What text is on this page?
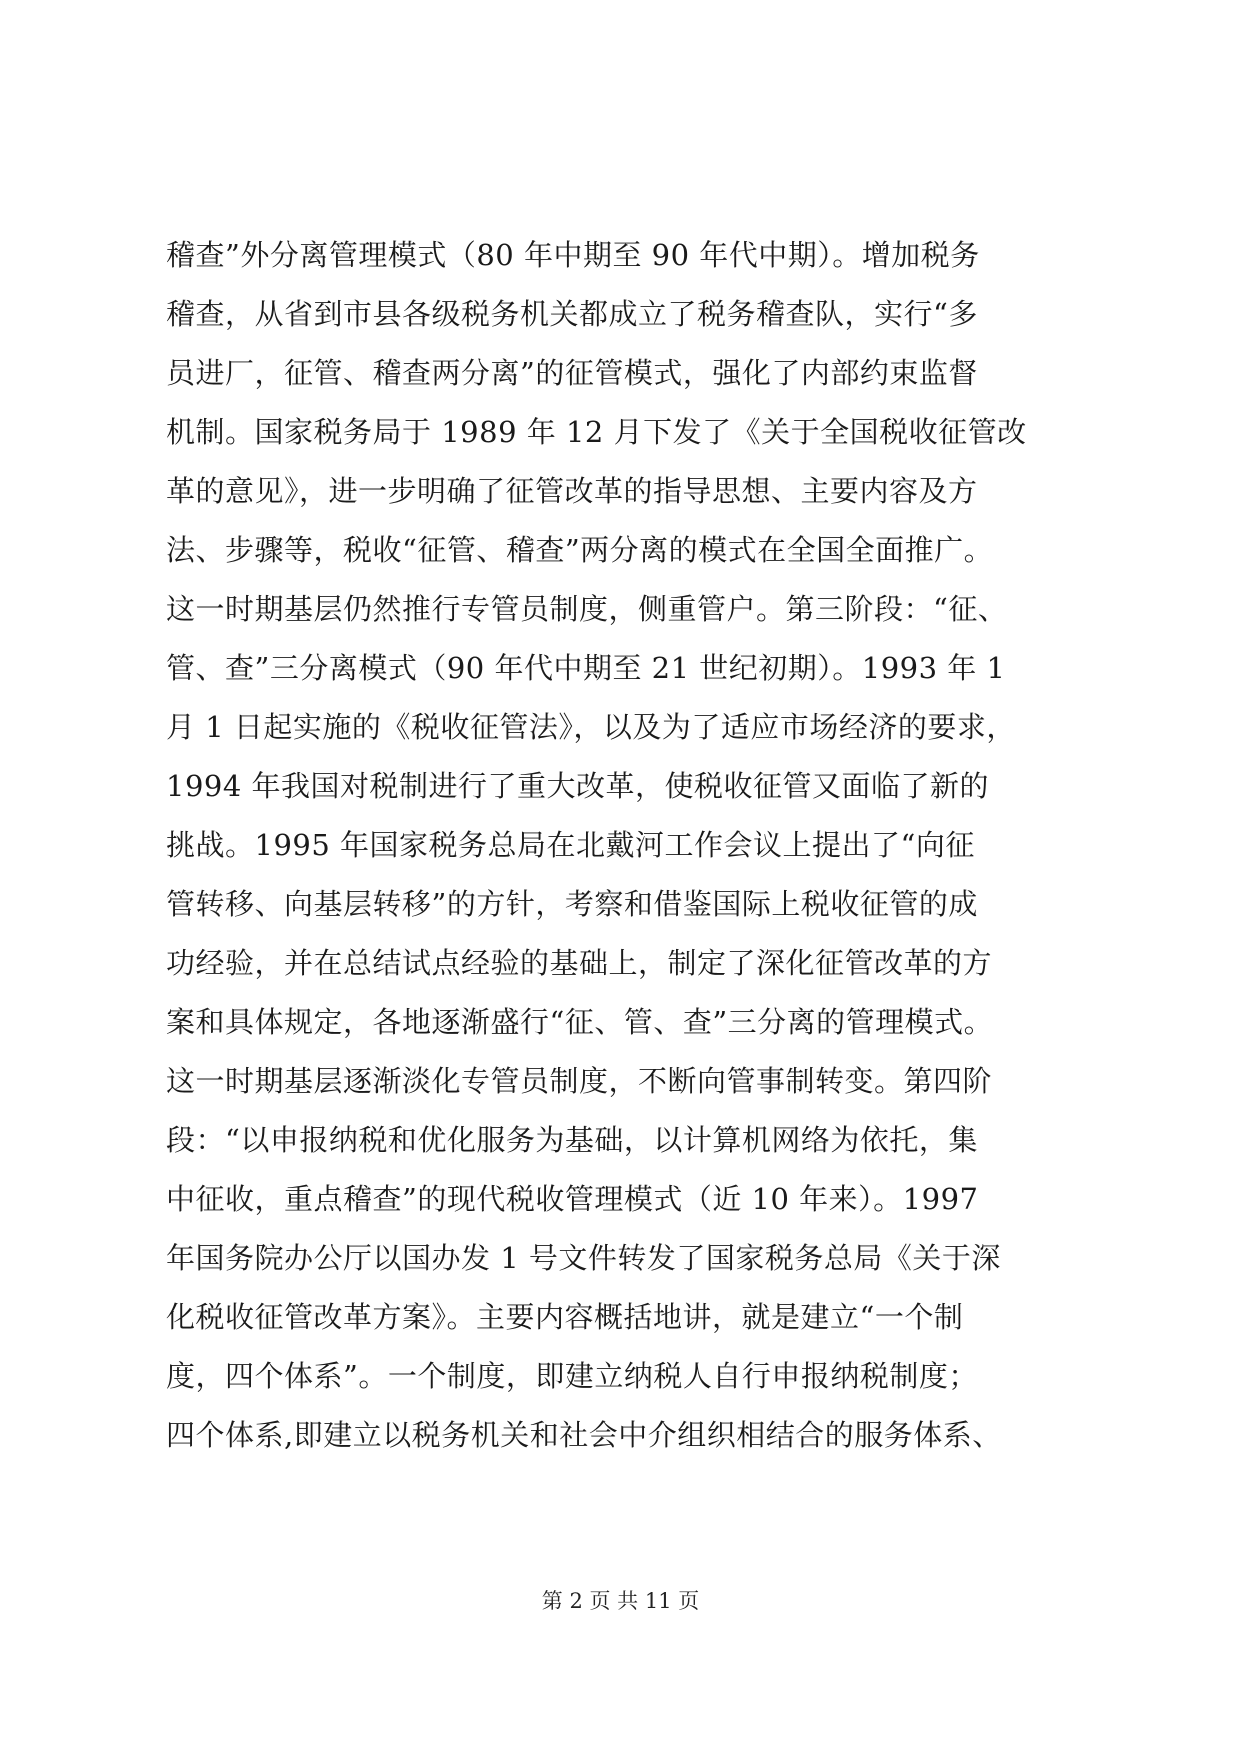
稽查”外分离管理模式（80 年中期至 90 年代中期）。增加税务
稽查，从省到市县各级税务机关都成立了税务稽查队，实行“多
员进厂，征管、稽查两分离”的征管模式，强化了内部约束监督
机制。国家税务局于 1989 年 12 月下发了《关于全国税收征管改
革的意见》，进一步明确了征管改革的指导思想、主要内容及方
法、步骤等，税收“征管、稽查”两分离的模式在全国全面推广。
这一时期基层仍然推行专管员制度，侧重管户。第三阶段：“征、
管、查”三分离模式（90 年代中期至 21 世纪初期）。1993 年 1
月 1 日起实施的《税收征管法》，以及为了适应市场经济的要求，
1994 年我国对税制进行了重大改革，使税收征管又面临了新的
挑战。1995 年国家税务总局在北戴河工作会议上提出了“向征
管转移、向基层转移”的方针，考察和借鉴国际上税收征管的成
功经验，并在总结试点经验的基础上，制定了深化征管改革的方
案和具体规定，各地逐渐盛行“征、管、查”三分离的管理模式。
这一时期基层逐渐淡化专管员制度，不断向管事制转变。第四阶
段：“以申报纳税和优化服务为基础，以计算机网络为依托，集
中征收，重点稽查”的现代税收管理模式（近 10 年来）。1997
年国务院办公厅以国办发 1 号文件转发了国家税务总局《关于深
化税收征管改革方案》。主要内容概括地讲，就是建立“一个制
度，四个体系”。一个制度，即建立纳税人自行申报纳税制度；
四个体系,即建立以税务机关和社会中介组织相结合的服务体系、
第 2 页 共 11 页
